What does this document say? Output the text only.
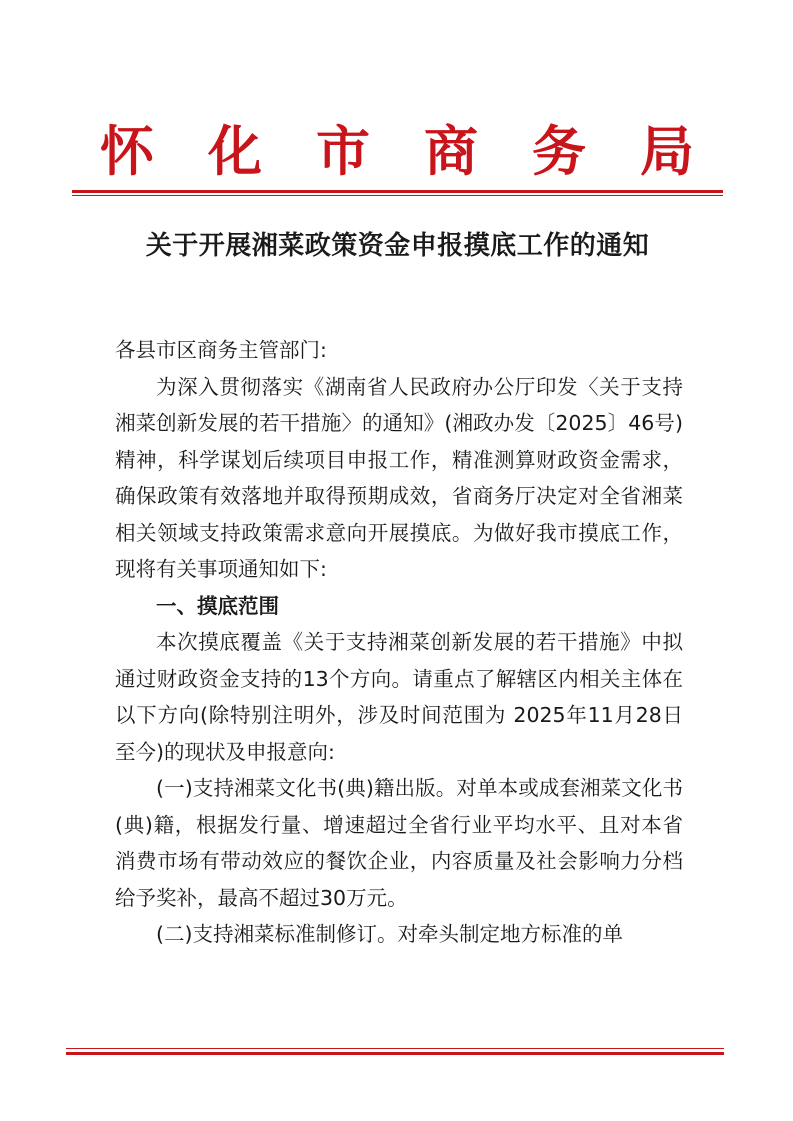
怀 化 市 商 务 局
关于开展湘菜政策资金申报摸底工作的通知

各县市区商务主管部门:

为深入贯彻落实《湖南省人民政府办公厅印发〈关于支持湘菜创新发展的若干措施〉的通知》(湘政办发〔2025〕46号)精神，科学谋划后续项目申报工作，精准测算财政资金需求，确保政策有效落地并取得预期成效，省商务厅决定对全省湘菜相关领域支持政策需求意向开展摸底。为做好我市摸底工作，现将有关事项通知如下:

一、摸底范围

本次摸底覆盖《关于支持湘菜创新发展的若干措施》中拟通过财政资金支持的13个方向。请重点了解辖区内相关主体在以下方向(除特别注明外，涉及时间范围为 2025年11月28日至今)的现状及申报意向:

(一)支持湘菜文化书(典)籍出版。对单本或成套湘菜文化书(典)籍，根据发行量、增速超过全省行业平均水平、且对本省消费市场有带动效应的餐饮企业，内容质量及社会影响力分档给予奖补，最高不超过30万元。

(二)支持湘菜标准制修订。对牵头制定地方标准的单
